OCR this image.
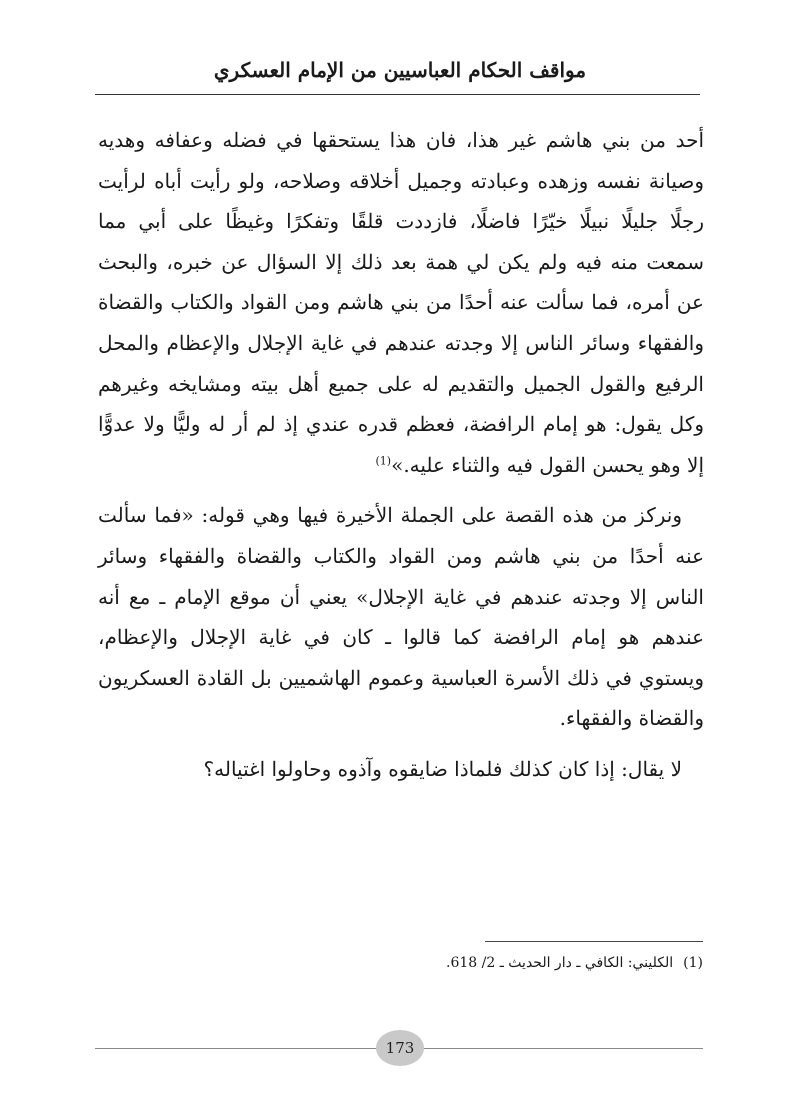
مواقف الحكام العباسيين من الإمام العسكري

أحد من بني هاشم غير هذا، فان هذا يستحقها في فضله وعفافه وهديه وصيانة نفسه وزهده وعبادته وجميل أخلاقه وصلاحه، ولو رأيت أباه لرأيت رجلًا جليلًا نبيلًا خيّرًا فاضلًا، فازددت قلقًا وتفكرًا وغيظًا على أبي مما سمعت منه فيه ولم يكن لي همة بعد ذلك إلا السؤال عن خبره، والبحث عن أمره، فما سألت عنه أحدًا من بني هاشم ومن القواد والكتاب والقضاة والفقهاء وسائر الناس إلا وجدته عندهم في غاية الإجلال والإعظام والمحل الرفيع والقول الجميل والتقديم له على جميع أهل بيته ومشايخه وغيرهم وكل يقول: هو إمام الرافضة، فعظم قدره عندي إذ لم أر له وليًّا ولا عدوًّا إلا وهو يحسن القول فيه والثناء عليه.»$^{(1)}$

ونركز من هذه القصة على الجملة الأخيرة فيها وهي قوله: «فما سألت عنه أحدًا من بني هاشم ومن القواد والكتاب والقضاة والفقهاء وسائر الناس إلا وجدته عندهم في غاية الإجلال» يعني أن موقع الإمام ـ مع أنه عندهم هو إمام الرافضة كما قالوا ـ كان في غاية الإجلال والإعظام، ويستوي في ذلك الأسرة العباسية وعموم الهاشميين بل القادة العسكريون والقضاة والفقهاء.

لا يقال: إذا كان كذلك فلماذا ضايقوه وآذوه وحاولوا اغتياله؟

(1)الكليني: الكافي ـ دار الحديث ـ 2/ 618.
173
